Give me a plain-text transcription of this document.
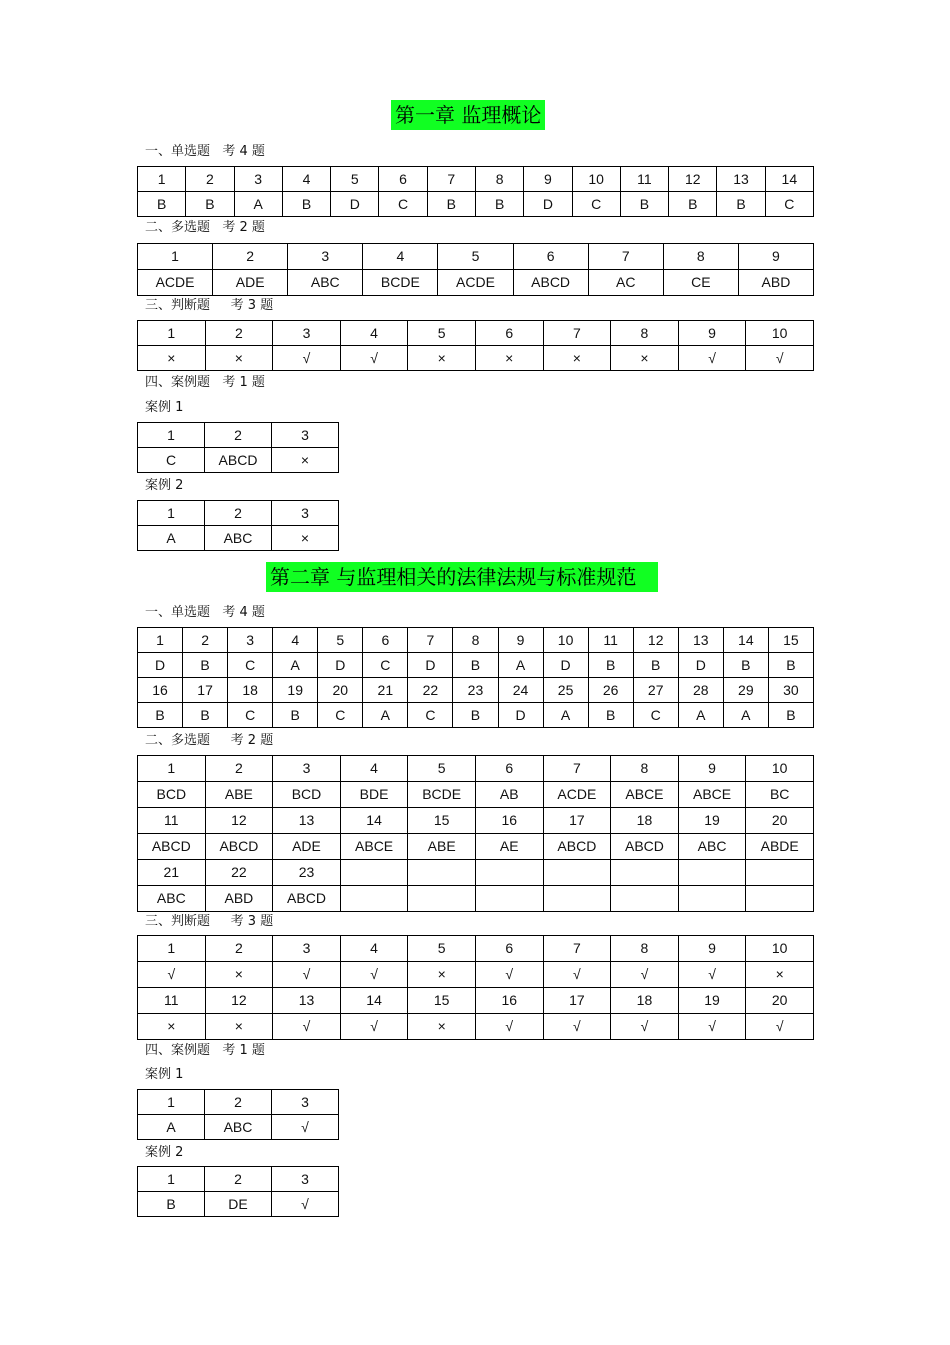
第一章 监理概论
一、单选题   考 4 题
1	2	3	4	5	6	7	8	9	10	11	12	13	14
B	B	A	B	D	C	B	B	D	C	B	B	B	C
二、多选题   考 2 题
1	2	3	4	5	6	7	8	9
ACDE	ADE	ABC	BCDE	ACDE	ABCD	AC	CE	ABD
三、判断题     考 3 题
1	2	3	4	5	6	7	8	9	10
×	×	√	√	×	×	×	×	√	√
四、案例题   考 1 题
案例 1
1	2	3
C	ABCD	×
案例 2
1	2	3
A	ABC	×
第二章 与监理相关的法律法规与标准规范
一、单选题   考 4 题
1	2	3	4	5	6	7	8	9	10	11	12	13	14	15
D	B	C	A	D	C	D	B	A	D	B	B	D	B	B
16	17	18	19	20	21	22	23	24	25	26	27	28	29	30
B	B	C	B	C	A	C	B	D	A	B	C	A	A	B
二、多选题     考 2 题
1	2	3	4	5	6	7	8	9	10
BCD	ABE	BCD	BDE	BCDE	AB	ACDE	ABCE	ABCE	BC
11	12	13	14	15	16	17	18	19	20
ABCD	ABCD	ADE	ABCE	ABE	AE	ABCD	ABCD	ABC	ABDE
21	22	23							
ABC	ABD	ABCD							
三、判断题     考 3 题
1	2	3	4	5	6	7	8	9	10
√	×	√	√	×	√	√	√	√	×
11	12	13	14	15	16	17	18	19	20
×	×	√	√	×	√	√	√	√	√
四、案例题   考 1 题
案例 1
1	2	3
A	ABC	√
案例 2
1	2	3
B	DE	√
